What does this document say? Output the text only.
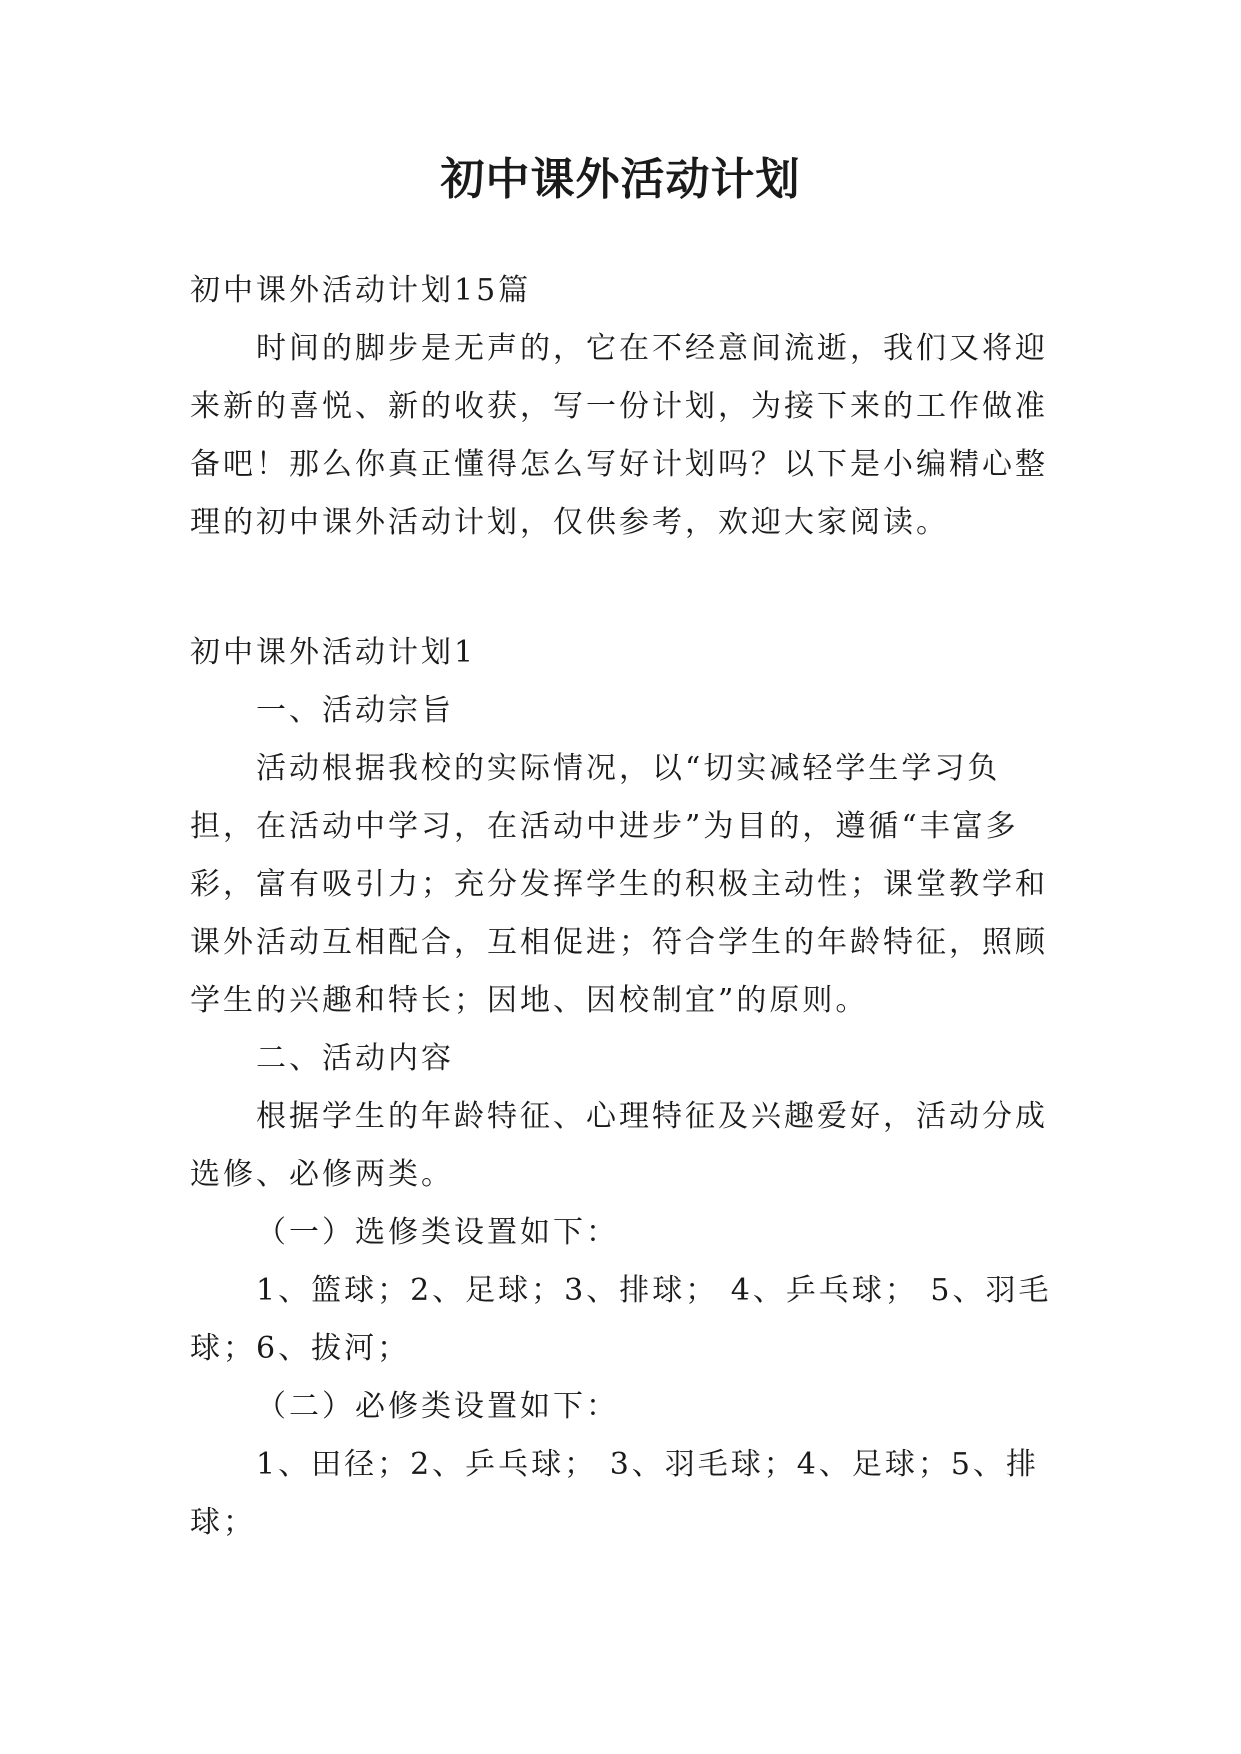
初中课外活动计划

初中课外活动计划15篇

时间的脚步是无声的，它在不经意间流逝，我们又将迎来新的喜悦、新的收获，写一份计划，为接下来的工作做准备吧！那么你真正懂得怎么写好计划吗？以下是小编精心整理的初中课外活动计划，仅供参考，欢迎大家阅读。

初中课外活动计划1

一、活动宗旨

活动根据我校的实际情况，以“切实减轻学生学习负担，在活动中学习，在活动中进步”为目的，遵循“丰富多彩，富有吸引力；充分发挥学生的积极主动性；课堂教学和课外活动互相配合，互相促进；符合学生的年龄特征，照顾学生的兴趣和特长；因地、因校制宜”的原则。

二、活动内容

根据学生的年龄特征、心理特征及兴趣爱好，活动分成选修、必修两类。

（一）选修类设置如下：

1、篮球；2、足球；3、排球； 4、乒乓球； 5、羽毛球；6、拔河；

（二）必修类设置如下：

1、田径；2、乒乓球； 3、羽毛球；4、足球；5、排球；
